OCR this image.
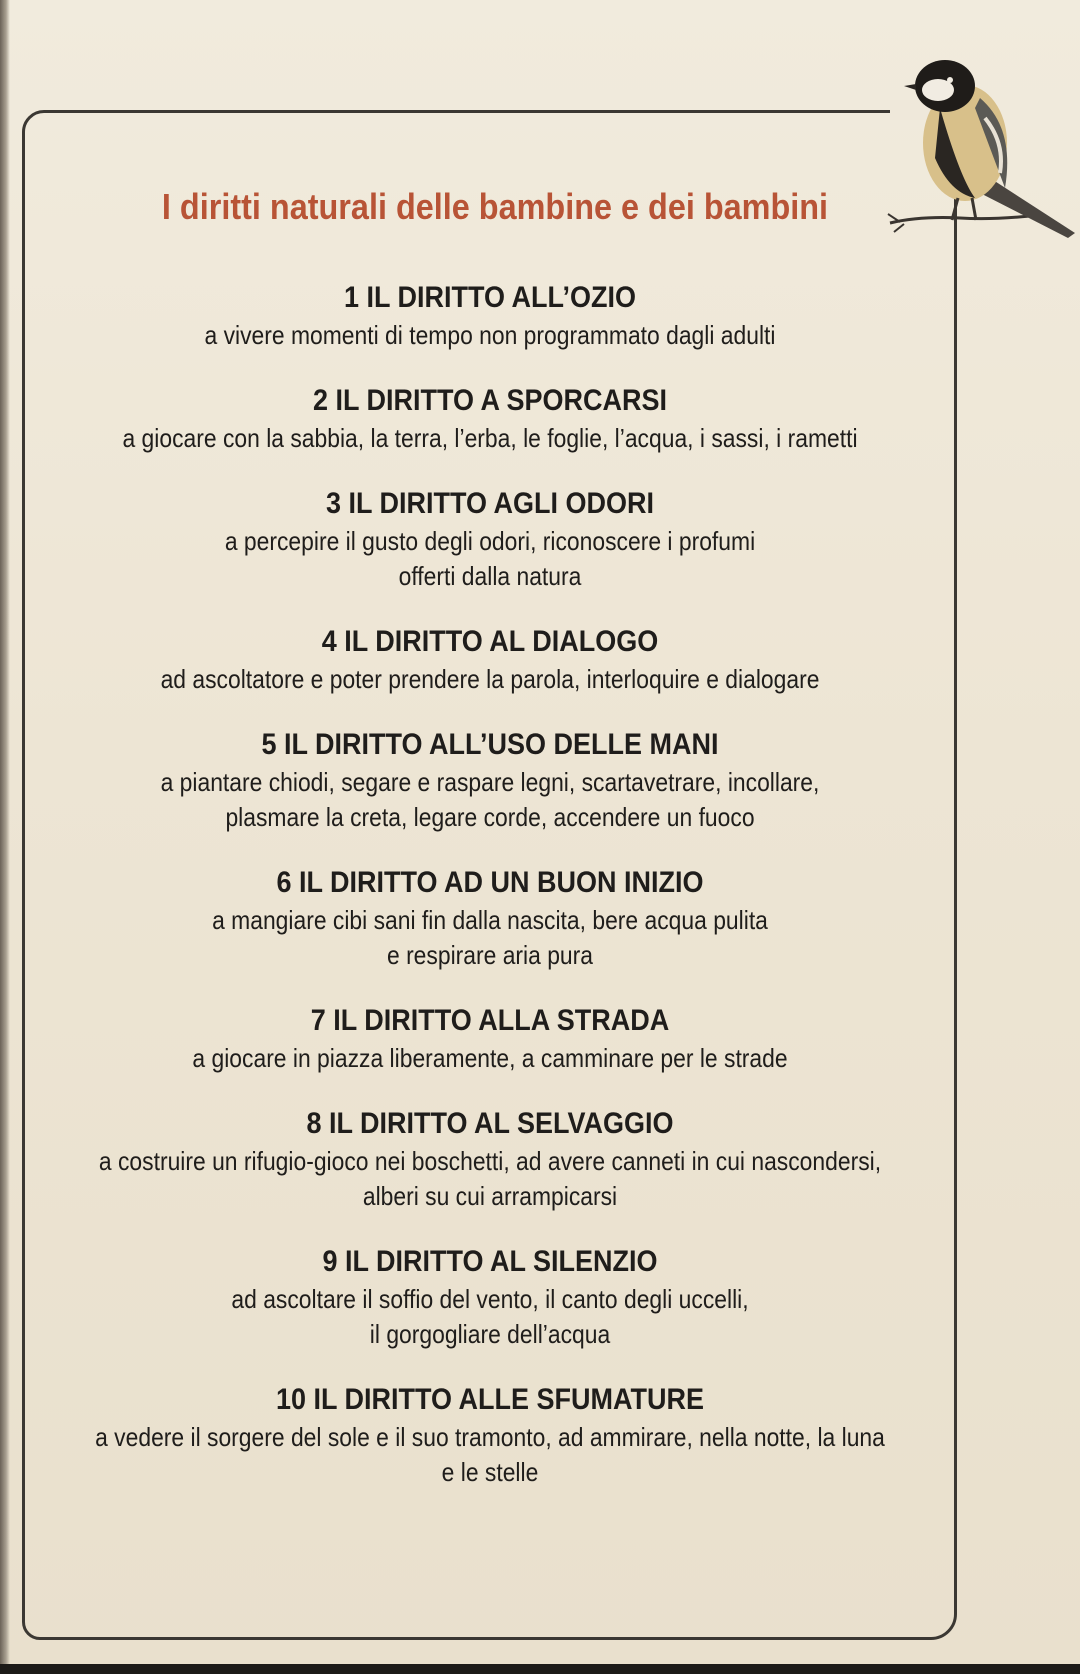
I diritti naturali delle bambine e dei bambini
1 IL DIRITTO ALL’OZIO
a vivere momenti di tempo non programmato dagli adulti
2 IL DIRITTO A SPORCARSI
a giocare con la sabbia, la terra, l’erba, le foglie, l’acqua, i sassi, i rametti
3 IL DIRITTO AGLI ODORI
a percepire il gusto degli odori, riconoscere i profumi
offerti dalla natura
4 IL DIRITTO AL DIALOGO
ad ascoltatore e poter prendere la parola, interloquire e dialogare
5 IL DIRITTO ALL’USO DELLE MANI
a piantare chiodi, segare e raspare legni, scartavetrare, incollare,
plasmare la creta, legare corde, accendere un fuoco
6 IL DIRITTO AD UN BUON INIZIO
a mangiare cibi sani fin dalla nascita, bere acqua pulita
e respirare aria pura
7 IL DIRITTO ALLA STRADA
a giocare in piazza liberamente, a camminare per le strade
8 IL DIRITTO AL SELVAGGIO
a costruire un rifugio-gioco nei boschetti, ad avere canneti in cui nascondersi,
alberi su cui arrampicarsi
9 IL DIRITTO AL SILENZIO
ad ascoltare il soffio del vento, il canto degli uccelli,
il gorgogliare dell’acqua
10 IL DIRITTO ALLE SFUMATURE
a vedere il sorgere del sole e il suo tramonto, ad ammirare, nella notte, la luna
e le stelle
